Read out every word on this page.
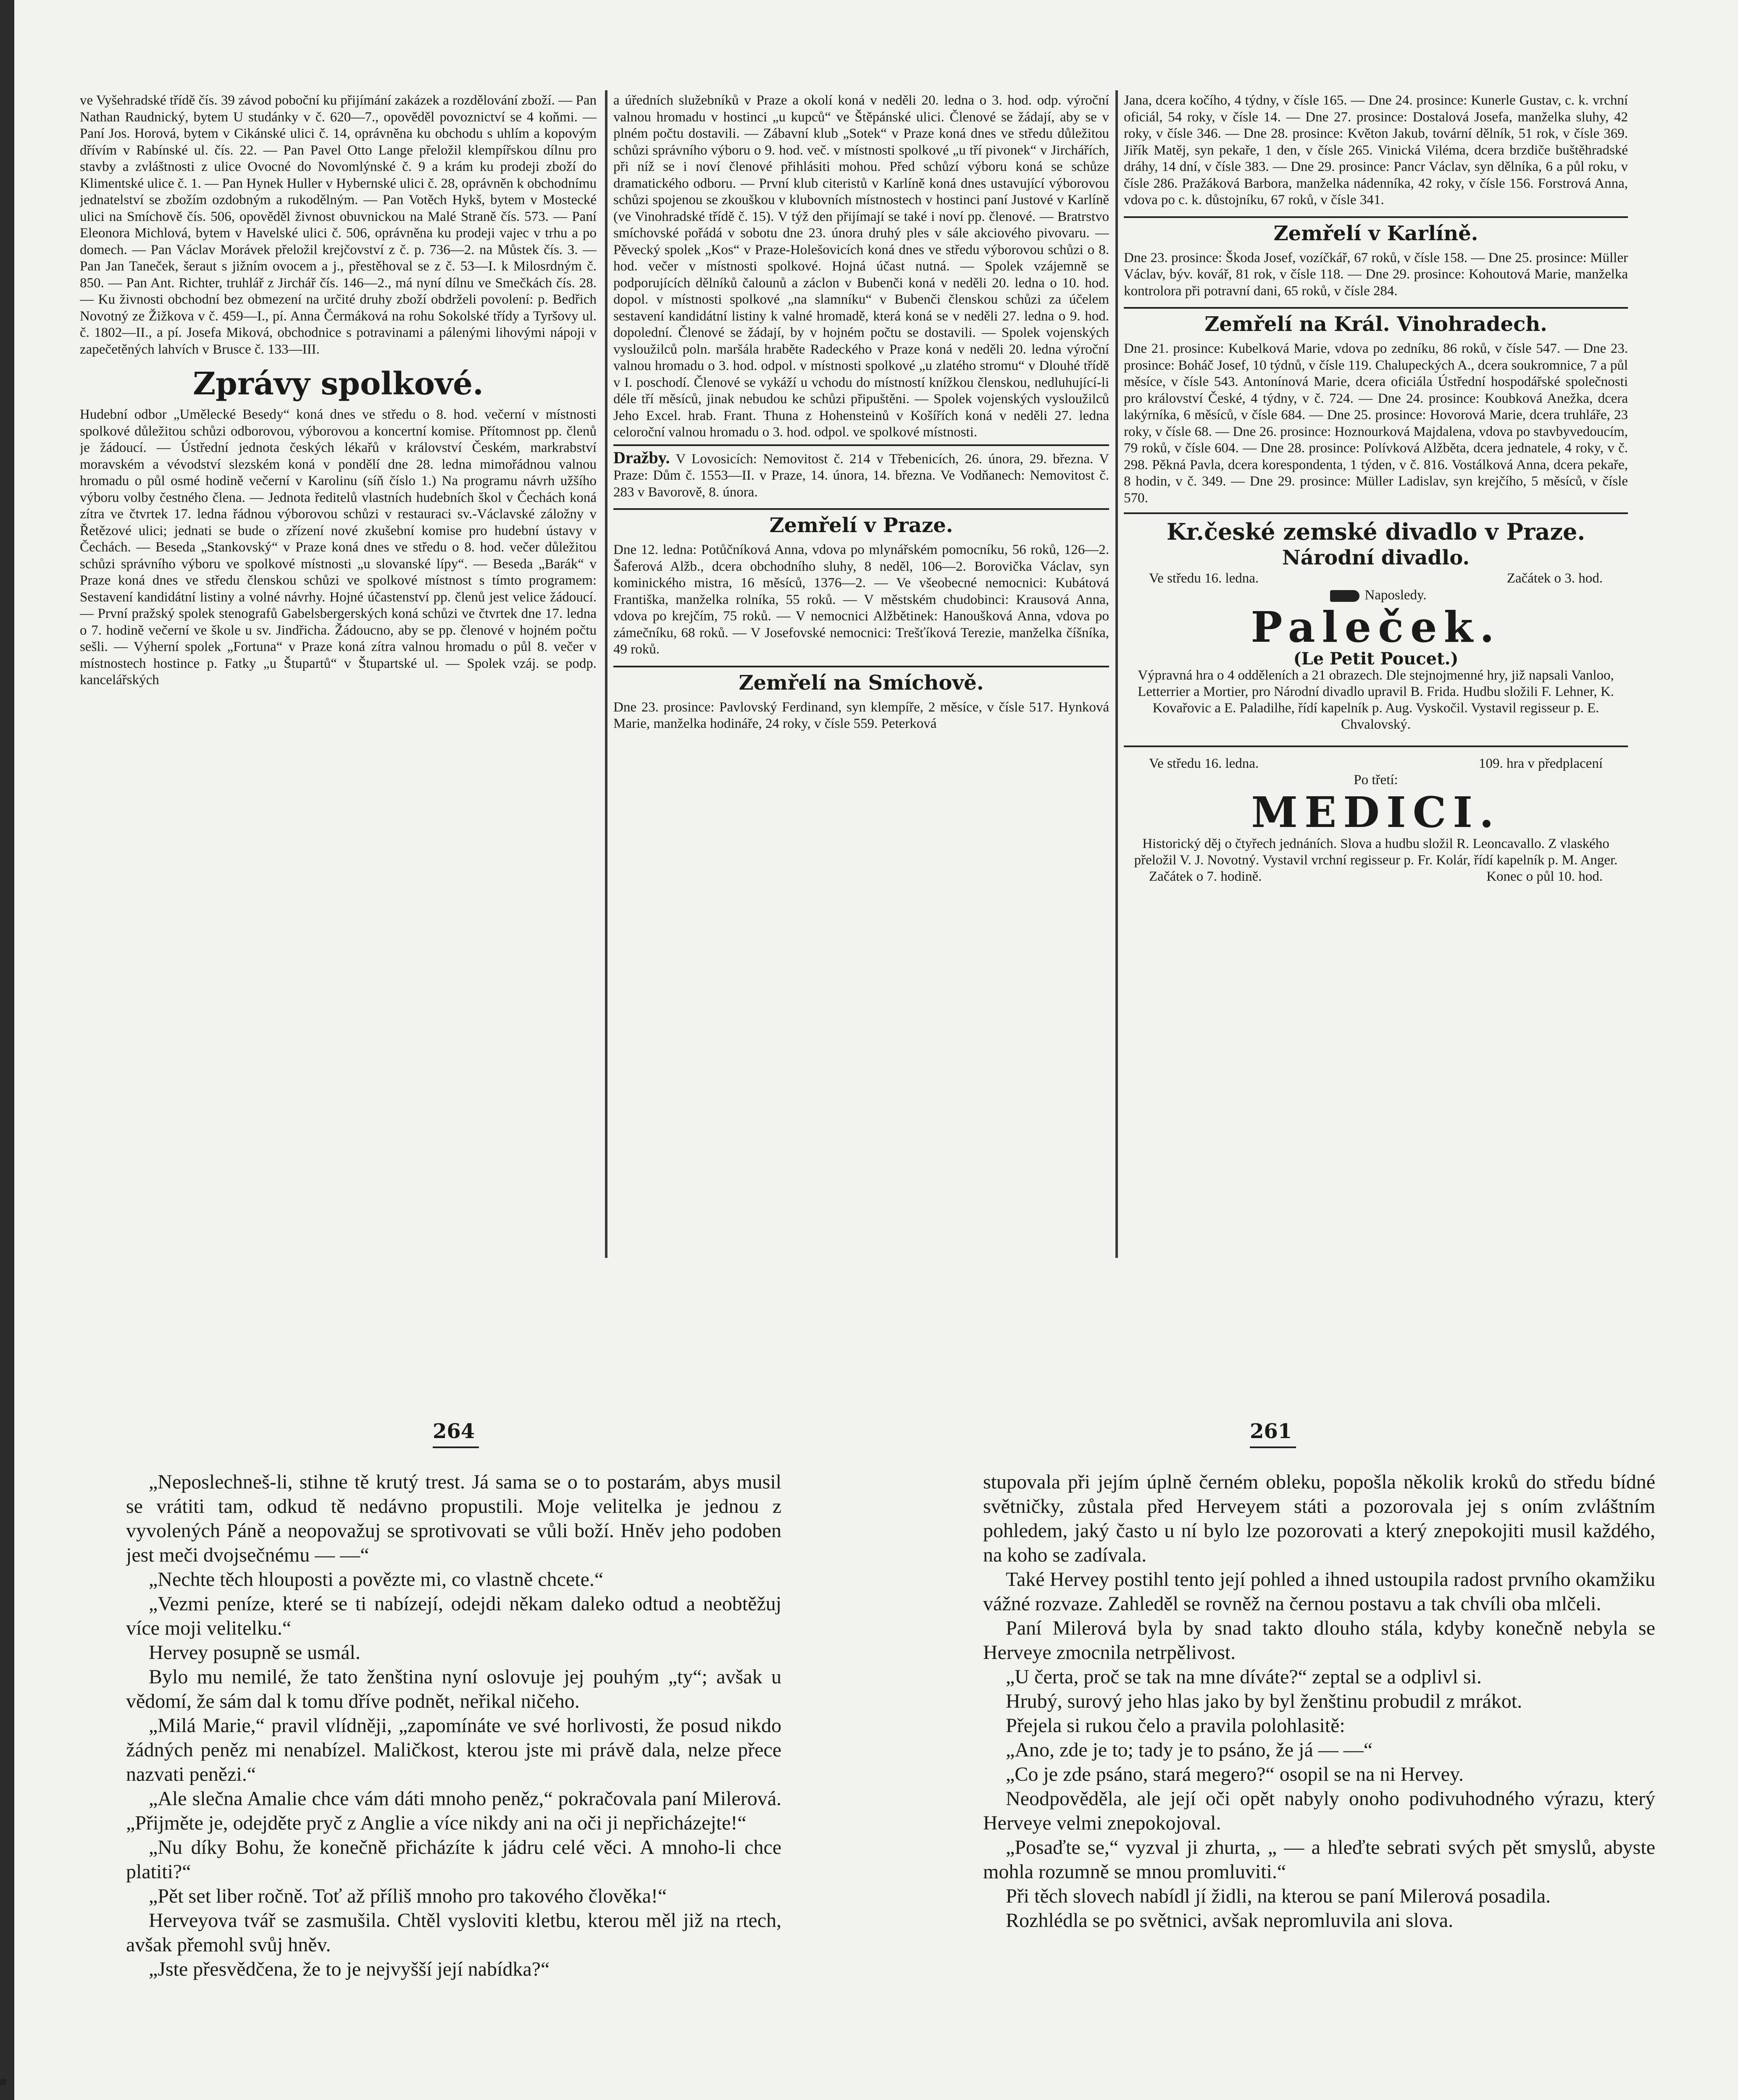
ve Vyšehradské třídě čís. 39 závod poboční ku přijímání zakázek a rozdělování zboží. — Pan Nathan Raudnický, bytem U studánky v č. 620—7., opověděl povoznictví se 4 koňmi. — Paní Jos. Horová, bytem v Cikánské ulici č. 14, oprávněna ku obchodu s uhlím a kopovým dřívím v Rabínské ul. čís. 22. — Pan Pavel Otto Lange přeložil klempířskou dílnu pro stavby a zvláštnosti z ulice Ovocné do Novomlýnské č. 9 a krám ku prodeji zboží do Klimentské ulice č. 1. — Pan Hynek Huller v Hybernské ulici č. 28, oprávněn k obchodnímu jednatelství se zbožím ozdobným a rukodělným. — Pan Votěch Hykš, bytem v Mostecké ulici na Smíchově čís. 506, opověděl živnost obuvnickou na Malé Straně čís. 573. — Paní Eleonora Michlová, bytem v Havelské ulici č. 506, oprávněna ku prodeji vajec v trhu a po domech. — Pan Václav Morávek přeložil krejčovství z č. p. 736—2. na Můstek čís. 3. — Pan Jan Taneček, šeraut s jižním ovocem a j., přestěhoval se z č. 53—I. k Milosrdným č. 850. — Pan Ant. Richter, truhlář z Jirchář čís. 146—2., má nyní dílnu ve Smečkách čís. 28. — Ku živnosti obchodní bez obmezení na určité druhy zboží obdrželi povolení: p. Bedřich Novotný ze Žižkova v č. 459—I., pí. Anna Čermáková na rohu Sokolské třídy a Tyršovy ul. č. 1802—II., a pí. Josefa Miková, obchodnice s potravinami a pálenými lihovými nápoji v zapečetěných lahvích v Brusce č. 133—III.

Zprávy spolkové.

Hudební odbor „Umělecké Besedy“ koná dnes ve středu o 8. hod. večerní v místnosti spolkové důležitou schůzi odborovou, výborovou a koncertní komise. Přítomnost pp. členů je žádoucí. — Ústřední jednota českých lékařů v království Českém, markrabství moravském a vévodství slezském koná v pondělí dne 28. ledna mimořádnou valnou hromadu o půl osmé hodině večerní v Karolinu (síň číslo 1.) Na programu návrh užšího výboru volby čestného člena. — Jednota ředitelů vlastních hudebních škol v Čechách koná zítra ve čtvrtek 17. ledna řádnou výborovou schůzi v restauraci sv.-Václavské záložny v Řetězové ulici; jednati se bude o zřízení nové zkušební komise pro hudební ústavy v Čechách. — Beseda „Stankovský“ v Praze koná dnes ve středu o 8. hod. večer důležitou schůzi správního výboru ve spolkové místnosti „u slovanské lípy“. — Beseda „Barák“ v Praze koná dnes ve středu členskou schůzi ve spolkové místnost s tímto programem: Sestavení kandidátní listiny a volné návrhy. Hojné účastenství pp. členů jest velice žádoucí. — První pražský spolek stenografů Gabelsbergerských koná schůzi ve čtvrtek dne 17. ledna o 7. hodině večerní ve škole u sv. Jindřicha. Žádoucno, aby se pp. členové v hojném počtu sešli. — Výherní spolek „Fortuna“ v Praze koná zítra valnou hromadu o půl 8. večer v místnostech hostince p. Fatky „u Štupartů“ v Štupartské ul. — Spolek vzáj. se podp. kancelářských

a úředních služebníků v Praze a okolí koná v neděli 20. ledna o 3. hod. odp. výroční valnou hromadu v hostinci „u kupců“ ve Štěpánské ulici. Členové se žádají, aby se v plném počtu dostavili. — Zábavní klub „Sotek“ v Praze koná dnes ve středu důležitou schůzi správního výboru o 9. hod. več. v místnosti spolkové „u tří pivonek“ v Jirchářích, při níž se i noví členové přihlásiti mohou. Před schůzí výboru koná se schůze dramatického odboru. — První klub citeristů v Karlíně koná dnes ustavující výborovou schůzi spojenou se zkouškou v klubovních místnostech v hostinci paní Justové v Karlíně (ve Vinohradské třídě č. 15). V týž den přijímají se také i noví pp. členové. — Bratrstvo smíchovské pořádá v sobotu dne 23. února druhý ples v sále akciového pivovaru. — Pěvecký spolek „Kos“ v Praze-Holešovicích koná dnes ve středu výborovou schůzi o 8. hod. večer v místnosti spolkové. Hojná účast nutná. — Spolek vzájemně se podporujících dělníků čalounů a záclon v Bubenči koná v neděli 20. ledna o 10. hod. dopol. v místnosti spolkové „na slamníku“ v Bubenči členskou schůzi za účelem sestavení kandidátní listiny k valné hromadě, která koná se v neděli 27. ledna o 9. hod. dopolední. Členové se žádají, by v hojném počtu se dostavili. — Spolek vojenských vysloužilců poln. maršála hraběte Radeckého v Praze koná v neděli 20. ledna výroční valnou hromadu o 3. hod. odpol. v místnosti spolkové „u zlatého stromu“ v Dlouhé třídě v I. poschodí. Členové se vykáží u vchodu do místností knížkou členskou, nedluhující-li déle tří měsíců, jinak nebudou ke schůzi připuštěni. — Spolek vojenských vysloužilců Jeho Excel. hrab. Frant. Thuna z Hohensteinů v Košířích koná v neděli 27. ledna celoroční valnou hromadu o 3. hod. odpol. ve spolkové místnosti.

Dražby. V Lovosicích: Nemovitost č. 214 v Třebenicích, 26. února, 29. března. V Praze: Dům č. 1553—II. v Praze, 14. února, 14. března. Ve Vodňanech: Nemovitost č. 283 v Bavorově, 8. února.

Zemřelí v Praze.

Dne 12. ledna: Potůčníková Anna, vdova po mlynářském pomocníku, 56 roků, 126—2. Šaferová Alžb., dcera obchodního sluhy, 8 neděl, 106—2. Borovička Václav, syn kominického mistra, 16 měsíců, 1376—2. — Ve všeobecné nemocnici: Kubátová Františka, manželka rolníka, 55 roků. — V městském chudobinci: Krausová Anna, vdova po krejčím, 75 roků. — V nemocnici Alžbětinek: Hanoušková Anna, vdova po zámečníku, 68 roků. — V Josefovské nemocnici: Trešťíková Terezie, manželka číšníka, 49 roků.

Zemřelí na Smíchově.

Dne 23. prosince: Pavlovský Ferdinand, syn klempíře, 2 měsíce, v čísle 517. Hynková Marie, manželka hodináře, 24 roky, v čísle 559. Peterková

Jana, dcera kočího, 4 týdny, v čísle 165. — Dne 24. prosince: Kunerle Gustav, c. k. vrchní oficiál, 54 roky, v čísle 14. — Dne 27. prosince: Dostalová Josefa, manželka sluhy, 42 roky, v čísle 346. — Dne 28. prosince: Květon Jakub, tovární dělník, 51 rok, v čísle 369. Jiřík Matěj, syn pekaře, 1 den, v čísle 265. Vinická Viléma, dcera brzdiče buštěhradské dráhy, 14 dní, v čísle 383. — Dne 29. prosince: Pancr Václav, syn dělníka, 6 a půl roku, v čísle 286. Pražáková Barbora, manželka nádenníka, 42 roky, v čísle 156. Forstrová Anna, vdova po c. k. důstojníku, 67 roků, v čísle 341.

Zemřelí v Karlíně.

Dne 23. prosince: Škoda Josef, vozíčkář, 67 roků, v čísle 158. — Dne 25. prosince: Müller Václav, býv. kovář, 81 rok, v čísle 118. — Dne 29. prosince: Kohoutová Marie, manželka kontrolora při potravní dani, 65 roků, v čísle 284.

Zemřelí na Král. Vinohradech.

Dne 21. prosince: Kubelková Marie, vdova po zedníku, 86 roků, v čísle 547. — Dne 23. prosince: Boháč Josef, 10 týdnů, v čísle 119. Chalupeckých A., dcera soukromnice, 7 a půl měsíce, v čísle 543. Antonínová Marie, dcera oficiála Ústřední hospodářské společnosti pro království České, 4 týdny, v č. 724. — Dne 24. prosince: Koubková Anežka, dcera lakýrníka, 6 měsíců, v čísle 684. — Dne 25. prosince: Hovorová Marie, dcera truhláře, 23 roky, v čísle 68. — Dne 26. prosince: Hoznourková Majdalena, vdova po stavbyvedoucím, 79 roků, v čísle 604. — Dne 28. prosince: Polívková Alžběta, dcera jednatele, 4 roky, v č. 298. Pěkná Pavla, dcera korespondenta, 1 týden, v č. 816. Vostálková Anna, dcera pekaře, 8 hodin, v č. 349. — Dne 29. prosince: Müller Ladislav, syn krejčího, 5 měsíců, v čísle 570.

Kr.české zemské divadlo v Praze.
Národní divadlo.
Ve středu 16. ledna.	Začátek o 3. hod.
Naposledy.
Paleček.
(Le Petit Poucet.)
Výpravná hra o 4 odděleních a 21 obrazech. Dle stejnojmenné hry, již napsali Vanloo, Letterrier a Mortier, pro Národní divadlo upravil B. Frida. Hudbu složili F. Lehner, K. Kovařovic a E. Paladilhe, řídí kapelník p. Aug. Vyskočil. Vystavil regisseur p. E. Chvalovský.
Ve středu 16. ledna.	109. hra v předplacení
Po třetí:
MEDICI.
Historický děj o čtyřech jednáních. Slova a hudbu složil R. Leoncavallo. Z vlaského přeložil V. J. Novotný. Vystavil vrchní regisseur p. Fr. Kolár, řídí kapelník p. M. Anger.
Začátek o 7. hodině.	Konec o půl 10. hod.
264	261

„Neposlechneš-li, stihne tě krutý trest. Já sama se o to postarám, abys musil se vrátiti tam, odkud tě nedávno propustili. Moje velitelka je jednou z vyvolených Páně a neopovažuj se sprotivovati se vůli boží. Hněv jeho podoben jest meči dvojsečnému — —“

„Nechte těch hlouposti a povězte mi, co vlastně chcete.“

„Vezmi peníze, které se ti nabízejí, odejdi někam daleko odtud a neobtěžuj více moji velitelku.“

Hervey posupně se usmál.

Bylo mu nemilé, že tato ženština nyní oslovuje jej pouhým „ty“; avšak u vědomí, že sám dal k tomu dříve podnět, neřikal ničeho.

„Milá Marie,“ pravil vlídněji, „zapomínáte ve své horlivosti, že posud nikdo žádných peněz mi nenabízel. Maličkost, kterou jste mi právě dala, nelze přece nazvati penězi.“

„Ale slečna Amalie chce vám dáti mnoho peněz,“ pokračovala paní Milerová. „Přijměte je, odejděte pryč z Anglie a více nikdy ani na oči ji nepřicházejte!“

„Nu díky Bohu, že konečně přicházíte k jádru celé věci. A mnoho-li chce platiti?“

„Pět set liber ročně. Toť až příliš mnoho pro takového člověka!“

Herveyova tvář se zasmušila. Chtěl vysloviti kletbu, kterou měl již na rtech, avšak přemohl svůj hněv.

„Jste přesvědčena, že to je nejvyšší její nabídka?“

stupovala při jejím úplně černém obleku, popošla několik kroků do středu bídné světničky, zůstala před Herveyem státi a pozorovala jej s oním zvláštním pohledem, jaký často u ní bylo lze pozorovati a který znepokojiti musil každého, na koho se zadívala.

Také Hervey postihl tento její pohled a ihned ustoupila radost prvního okamžiku vážné rozvaze. Zahleděl se rovněž na černou postavu a tak chvíli oba mlčeli.

Paní Milerová byla by snad takto dlouho stála, kdyby konečně nebyla se Herveye zmocnila netrpělivost.

„U čerta, proč se tak na mne díváte?“ zeptal se a odplivl si.

Hrubý, surový jeho hlas jako by byl ženštinu probudil z mrákot.

Přejela si rukou čelo a pravila polohlasitě:

„Ano, zde je to; tady je to psáno, že já — —“

„Co je zde psáno, stará megero?“ osopil se na ni Hervey.

Neodpověděla, ale její oči opět nabyly onoho podivuhodného výrazu, který Herveye velmi znepokojoval.

„Posaďte se,“ vyzval ji zhurta, „ — a hleďte sebrati svých pět smyslů, abyste mohla rozumně se mnou promluviti.“

Při těch slovech nabídl jí židli, na kterou se paní Milerová posadila.

Rozhlédla se po světnici, avšak nepromluvila ani slova.
